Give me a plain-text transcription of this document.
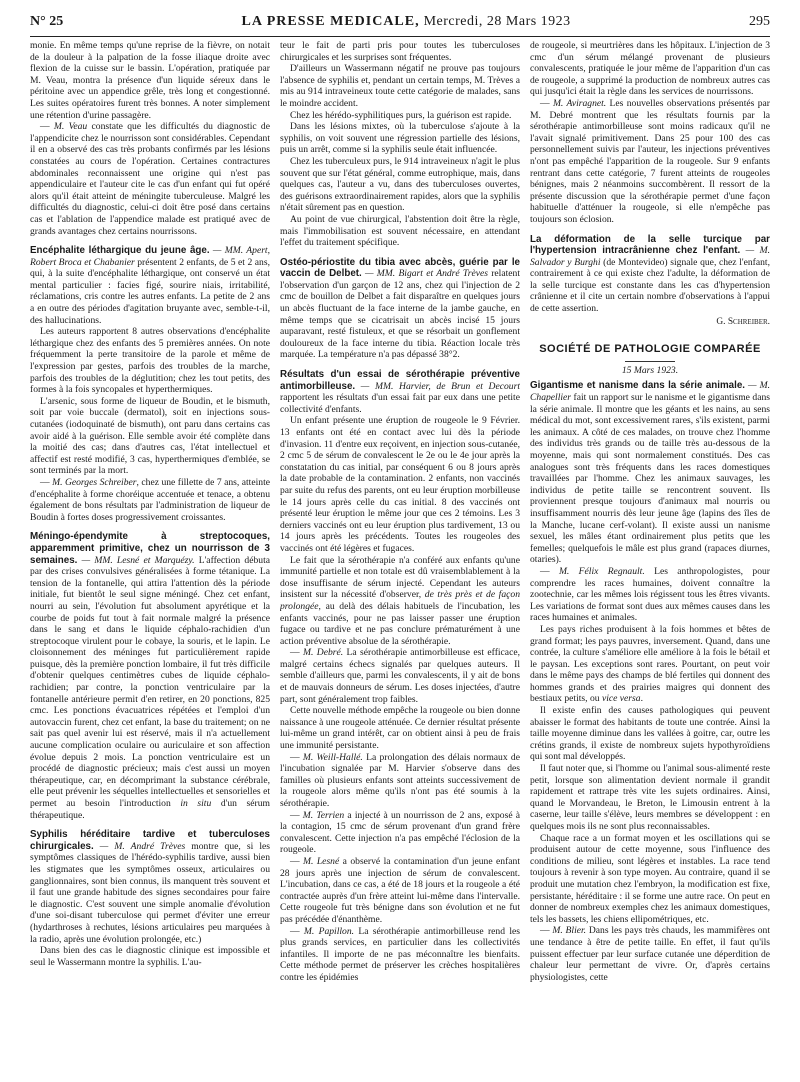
N° 25	LA PRESSE MEDICALE, Mercredi, 28 Mars 1923	295

monie. En même temps qu'une reprise de la fièvre, on notait de la douleur à la palpation de la fosse iliaque droite avec flexion de la cuisse sur le bassin. L'opération, pratiquée par M. Veau, montra la présence d'un liquide séreux dans le péritoine avec un appendice grêle, très long et congestionné. Les suites opératoires furent très bonnes. A noter simplement une rétention d'urine passagère.

— M. Veau constate que les difficultés du diagnostic de l'appendicite chez le nourrisson sont considérables. Cependant il en a observé des cas très probants confirmés par les lésions constatées au cours de l'opération. Certaines contractures abdominales reconnaissent une origine qui n'est pas appendiculaire et l'auteur cite le cas d'un enfant qui fut opéré alors qu'il était atteint de méningite tuberculeuse. Malgré les difficultés du diagnostic, celui-ci doit être posé dans certains cas et l'ablation de l'appendice malade est pratiqué avec de grands avantages chez certains nourrissons.

Encéphalite léthargique du jeune âge. — MM. Apert, Robert Broca et Chabanier présentent 2 enfants, de 5 et 2 ans, qui, à la suite d'encéphalite léthargique, ont conservé un état mental particulier : facies figé, sourire niais, irritabilité, réclamations, cris contre les autres enfants. La petite de 2 ans a en outre des périodes d'agitation bruyante avec, semble-t-il, des hallucinations.

Les auteurs rapportent 8 autres observations d'encéphalite léthargique chez des enfants des 5 premières années. On note fréquemment la perte transitoire de la parole et même de l'expression par gestes, parfois des troubles de la marche, parfois des troubles de la déglutition; chez les tout petits, des formes à la fois syncopales et hyperthermiques.

L'arsenic, sous forme de liqueur de Boudin, et le bismuth, soit par voie buccale (dermatol), soit en injections sous-cutanées (iodoquinaté de bismuth), ont paru dans certains cas avoir aidé à la guérison. Elle semble avoir été complète dans la moitié des cas; dans d'autres cas, l'état intellectuel et affectif est resté modifié, 3 cas, hyperthermiques d'emblée, se sont terminés par la mort.

— M. Georges Schreiber, chez une fillette de 7 ans, atteinte d'encéphalite à forme choréique accentuée et tenace, a obtenu également de bons résultats par l'administration de liqueur de Boudin à fortes doses progressivement croissantes.

Méningo-épendymite à streptocoques, apparemment primitive, chez un nourrisson de 3 semaines. — MM. Lesné et Marquézy. L'affection débuta par des crises convulsives généralisées à forme tétanique. La tension de la fontanelle, qui attira l'attention dès la période initiale, fut bientôt le seul signe méningé. Chez cet enfant, nourri au sein, l'évolution fut absolument apyrétique et la courbe de poids fut tout à fait normale malgré la présence dans le sang et dans le liquide céphalo-rachidien d'un streptocoque virulent pour le cobaye, la souris, et le lapin. Le cloisonnement des méninges fut particulièrement rapide puisque, dès la première ponction lombaire, il fut très difficile d'obtenir quelques centimètres cubes de liquide céphalo-rachidien; par contre, la ponction ventriculaire par la fontanelle antérieure permit d'en retirer, en 20 ponctions, 825 cmc. Les ponctions évacuatrices répétées et l'emploi d'un autovaccin furent, chez cet enfant, la base du traitement; on ne sait pas quel avenir lui est réservé, mais il n'a actuellement aucune complication oculaire ou auriculaire et son affection évolue depuis 2 mois. La ponction ventriculaire est un procédé de diagnostic précieux; mais c'est aussi un moyen thérapeutique, car, en décomprimant la substance cérébrale, elle peut prévenir les séquelles intellectuelles et sensorielles et permet au besoin l'introduction in situ d'un sérum thérapeutique.

Syphilis héréditaire tardive et tuberculoses chirurgicales. — M. André Trèves montre que, si les symptômes classiques de l'hérédo-syphilis tardive, aussi bien les stigmates que les symptômes osseux, articulaires ou ganglionnaires, sont bien connus, ils manquent très souvent et il faut une grande habitude des signes secondaires pour faire le diagnostic. C'est souvent une simple anomalie d'évolution d'une soi-disant tuberculose qui permet d'éviter une erreur (hydarthroses à rechutes, lésions articulaires peu marquées à la radio, après une évolution prolongée, etc.)

Dans bien des cas le diagnostic clinique est impossible et seul le Wassermann montre la syphilis. L'au-

teur le fait de parti pris pour toutes les tuberculoses chirurgicales et les surprises sont fréquentes.

D'ailleurs un Wassermann négatif ne prouve pas toujours l'absence de syphilis et, pendant un certain temps, M. Trèves a mis au 914 intraveineux toute cette catégorie de malades, sans le moindre accident.

Chez les hérédo-syphilitiques purs, la guérison est rapide.

Dans les lésions mixtes, où la tuberculose s'ajoute à la syphilis, on voit souvent une régression partielle des lésions, puis un arrêt, comme si la syphilis seule était influencée.

Chez les tuberculeux purs, le 914 intraveineux n'agit le plus souvent que sur l'état général, comme eutrophique, mais, dans quelques cas, l'auteur a vu, dans des tuberculoses ouvertes, des guérisons extraordinairement rapides, alors que la syphilis n'était sûrement pas en question.

Au point de vue chirurgical, l'abstention doit être la règle, mais l'immobilisation est souvent nécessaire, en attendant l'effet du traitement spécifique.

Ostéo-périostite du tibia avec abcès, guérie par le vaccin de Delbet. — MM. Bigart et André Trèves relatent l'observation d'un garçon de 12 ans, chez qui l'injection de 2 cmc de bouillon de Delbet a fait disparaître en quelques jours un abcès fluctuant de la face interne de la jambe gauche, en même temps que se cicatrisait un abcès incisé 15 jours auparavant, resté fistuleux, et que se résorbait un gonflement douloureux de la face interne du tibia. Réaction locale très marquée. La température n'a pas dépassé 38°2.

Résultats d'un essai de sérothérapie préventive antimorbilleuse. — MM. Harvier, de Brun et Decourt rapportent les résultats d'un essai fait par eux dans une petite collectivité d'enfants.

Un enfant présente une éruption de rougeole le 9 Février. 13 enfants ont été en contact avec lui dès la période d'invasion. 11 d'entre eux reçoivent, en injection sous-cutanée, 2 cmc 5 de sérum de convalescent le 2e ou le 4e jour après la constatation du cas initial, par conséquent 6 ou 8 jours après la date probable de la contamination. 2 enfants, non vaccinés par suite du refus des parents, ont eu leur éruption morbilleuse le 14 jours après celle du cas initial. 8 des vaccinés ont présenté leur éruption le même jour que ces 2 témoins. Les 3 derniers vaccinés ont eu leur éruption plus tardivement, 13 ou 14 jours après les précédents. Toutes les rougeoles des vaccinés ont été légères et fugaces.

Le fait que la sérothérapie n'a conféré aux enfants qu'une immunité partielle et non totale est dû vraisemblablement à la dose insuffisante de sérum injecté. Cependant les auteurs insistent sur la nécessité d'observer, de très près et de façon prolongée, au delà des délais habituels de l'incubation, les enfants vaccinés, pour ne pas laisser passer une éruption fugace ou tardive et ne pas conclure prématurément à une action préventive absolue de la sérothérapie.

— M. Debré. La sérothérapie antimorbilleuse est efficace, malgré certains échecs signalés par quelques auteurs. Il semble d'ailleurs que, parmi les convalescents, il y ait de bons et de mauvais donneurs de sérum. Les doses injectées, d'autre part, sont généralement trop faibles.

Cette nouvelle méthode empêche la rougeole ou bien donne naissance à une rougeole atténuée. Ce dernier résultat présente lui-même un grand intérêt, car on obtient ainsi à peu de frais une immunité persistante.

— M. Weill-Hallé. La prolongation des délais normaux de l'incubation signalée par M. Harvier s'observe dans des familles où plusieurs enfants sont atteints successivement de la rougeole alors même qu'ils n'ont pas été soumis à la sérothérapie.

— M. Terrien a injecté à un nourrisson de 2 ans, exposé à la contagion, 15 cmc de sérum provenant d'un grand frère convalescent. Cette injection n'a pas empêché l'éclosion de la rougeole.

— M. Lesné a observé la contamination d'un jeune enfant 28 jours après une injection de sérum de convalescent. L'incubation, dans ce cas, a été de 18 jours et la rougeole a été contractée auprès d'un frère atteint lui-même dans l'intervalle. Cette rougeole fut très bénigne dans son évolution et ne fut pas précédée d'énanthème.

— M. Papillon. La sérothérapie antimorbilleuse rend les plus grands services, en particulier dans les collectivités infantiles. Il importe de ne pas méconnaître les bienfaits. Cette méthode permet de préserver les crèches hospitalières contre les épidémies

de rougeole, si meurtrières dans les hôpitaux. L'injection de 3 cmc d'un sérum mélangé provenant de plusieurs convalescents, pratiquée le jour même de l'apparition d'un cas de rougeole, a supprimé la production de nombreux autres cas qui jusqu'ici était la règle dans les services de nourrissons.

— M. Aviragnet. Les nouvelles observations présentés par M. Debré montrent que les résultats fournis par la sérothérapie antimorbilleuse sont moins radicaux qu'il ne l'avait signalé primitivement. Dans 25 pour 100 des cas personnellement suivis par l'auteur, les injections préventives n'ont pas empêché l'apparition de la rougeole. Sur 9 enfants rentrant dans cette catégorie, 7 furent atteints de rougeoles bénignes, mais 2 néanmoins succombèrent. Il ressort de la présente discussion que la sérothérapie permet d'une façon habituelle d'atténuer la rougeole, si elle n'empêche pas toujours son éclosion.

La déformation de la selle turcique par l'hypertension intracrânienne chez l'enfant. — M. Salvador y Burghi (de Montevideo) signale que, chez l'enfant, contrairement à ce qui existe chez l'adulte, la déformation de la selle turcique est constante dans les cas d'hypertension crânienne et il cite un certain nombre d'observations à l'appui de cette assertion.

G. Schreiber.

SOCIÉTÉ DE PATHOLOGIE COMPARÉE
15 Mars 1923.

Gigantisme et nanisme dans la série animale. — M. Chapellier fait un rapport sur le nanisme et le gigantisme dans la série animale. Il montre que les géants et les nains, au sens médical du mot, sont excessivement rares, s'ils existent, parmi les animaux. A côté de ces malades, on trouve chez l'homme des individus très grands ou de taille très au-dessous de la moyenne, mais qui sont normalement constitués. Des cas analogues sont très fréquents dans les races domestiques travaillées par l'homme. Chez les animaux sauvages, les individus de petite taille se rencontrent souvent. Ils proviennent presque toujours d'animaux mal nourris ou insuffisamment nourris dès leur jeune âge (lapins des îles de la Manche, lucane cerf-volant). Il existe aussi un nanisme sexuel, les mâles étant ordinairement plus petits que les femelles; quelquefois le mâle est plus grand (rapaces diurnes, otaries).

— M. Félix Regnault. Les anthropologistes, pour comprendre les races humaines, doivent connaître la zootechnie, car les mêmes lois régissent tous les êtres vivants. Les variations de format sont dues aux mêmes causes dans les races humaines et animales.

Les pays riches produisent à la fois hommes et bêtes de grand format; les pays pauvres, inversement. Quand, dans une contrée, la culture s'améliore elle améliore à la fois le bétail et le paysan. Les exceptions sont rares. Pourtant, on peut voir dans le même pays des champs de blé fertiles qui donnent des hommes grands et des prairies maigres qui donnent des bestiaux petits, ou vice versa.

Il existe enfin des causes pathologiques qui peuvent abaisser le format des habitants de toute une contrée. Ainsi la taille moyenne diminue dans les vallées à goitre, car, outre les crétins grands, il existe de nombreux sujets hypothyroïdiens qui sont mal développés.

Il faut noter que, si l'homme ou l'animal sous-alimenté reste petit, lorsque son alimentation devient normale il grandit rapidement et rattrape très vite les sujets ordinaires. Ainsi, quand le Morvandeau, le Breton, le Limousin entrent à la caserne, leur taille s'élève, leurs membres se développent : en quelques mois ils ne sont plus reconnaissables.

Chaque race a un format moyen et les oscillations qui se produisent autour de cette moyenne, sous l'influence des conditions de milieu, sont légères et instables. La race tend toujours à revenir à son type moyen. Au contraire, quand il se produit une mutation chez l'embryon, la modification est fixe, persistante, héréditaire : il se forme une autre race. On peut en donner de nombreux exemples chez les animaux domestiques, tels les bassets, les chiens ellipométriques, etc.

— M. Blier. Dans les pays très chauds, les mammifères ont une tendance à être de petite taille. En effet, il faut qu'ils puissent effectuer par leur surface cutanée une déperdition de chaleur leur permettant de vivre. Or, d'après certains physiologistes, cette
